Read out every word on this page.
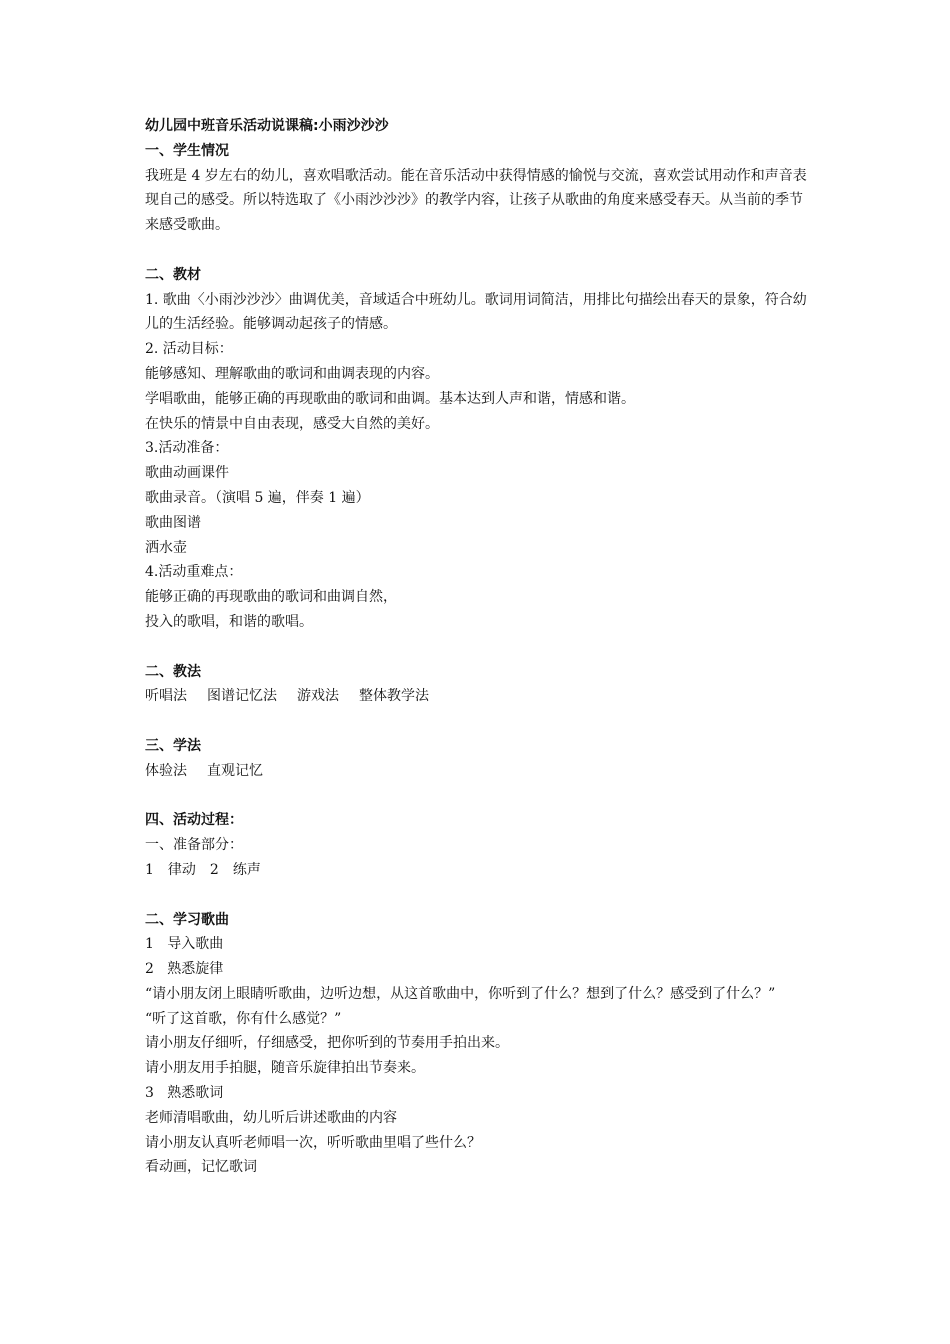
幼儿园中班音乐活动说课稿:小雨沙沙沙

一、学生情况

我班是 4 岁左右的幼儿，喜欢唱歌活动。能在音乐活动中获得情感的愉悦与交流，喜欢尝试用动作和声音表现自己的感受。所以特选取了《小雨沙沙沙》的教学内容，让孩子从歌曲的角度来感受春天。从当前的季节来感受歌曲。

二、教材

1. 歌曲〈小雨沙沙沙〉曲调优美，音域适合中班幼儿。歌词用词简洁，用排比句描绘出春天的景象，符合幼儿的生活经验。能够调动起孩子的情感。

2. 活动目标：

能够感知、理解歌曲的歌词和曲调表现的内容。

学唱歌曲，能够正确的再现歌曲的歌词和曲调。基本达到人声和谐，情感和谐。

在快乐的情景中自由表现，感受大自然的美好。

3.活动准备：

歌曲动画课件

歌曲录音。（演唱 5 遍，伴奏 1 遍）

歌曲图谱

洒水壶

4.活动重难点：

能够正确的再现歌曲的歌词和曲调自然，

投入的歌唱，和谐的歌唱。

二、教法

听唱法 图谱记忆法 游戏法 整体教学法

三、学法

体验法 直观记忆

四、活动过程：

一、准备部分：

1 律动 2 练声

二、学习歌曲

1   导入歌曲

2   熟悉旋律

“请小朋友闭上眼睛听歌曲，边听边想，从这首歌曲中，你听到了什么？想到了什么？感受到了什么？”

“听了这首歌，你有什么感觉？”

请小朋友仔细听，仔细感受，把你听到的节奏用手拍出来。

请小朋友用手拍腿，随音乐旋律拍出节奏来。

3   熟悉歌词

老师清唱歌曲，幼儿听后讲述歌曲的内容

请小朋友认真听老师唱一次，听听歌曲里唱了些什么？

看动画，记忆歌词
